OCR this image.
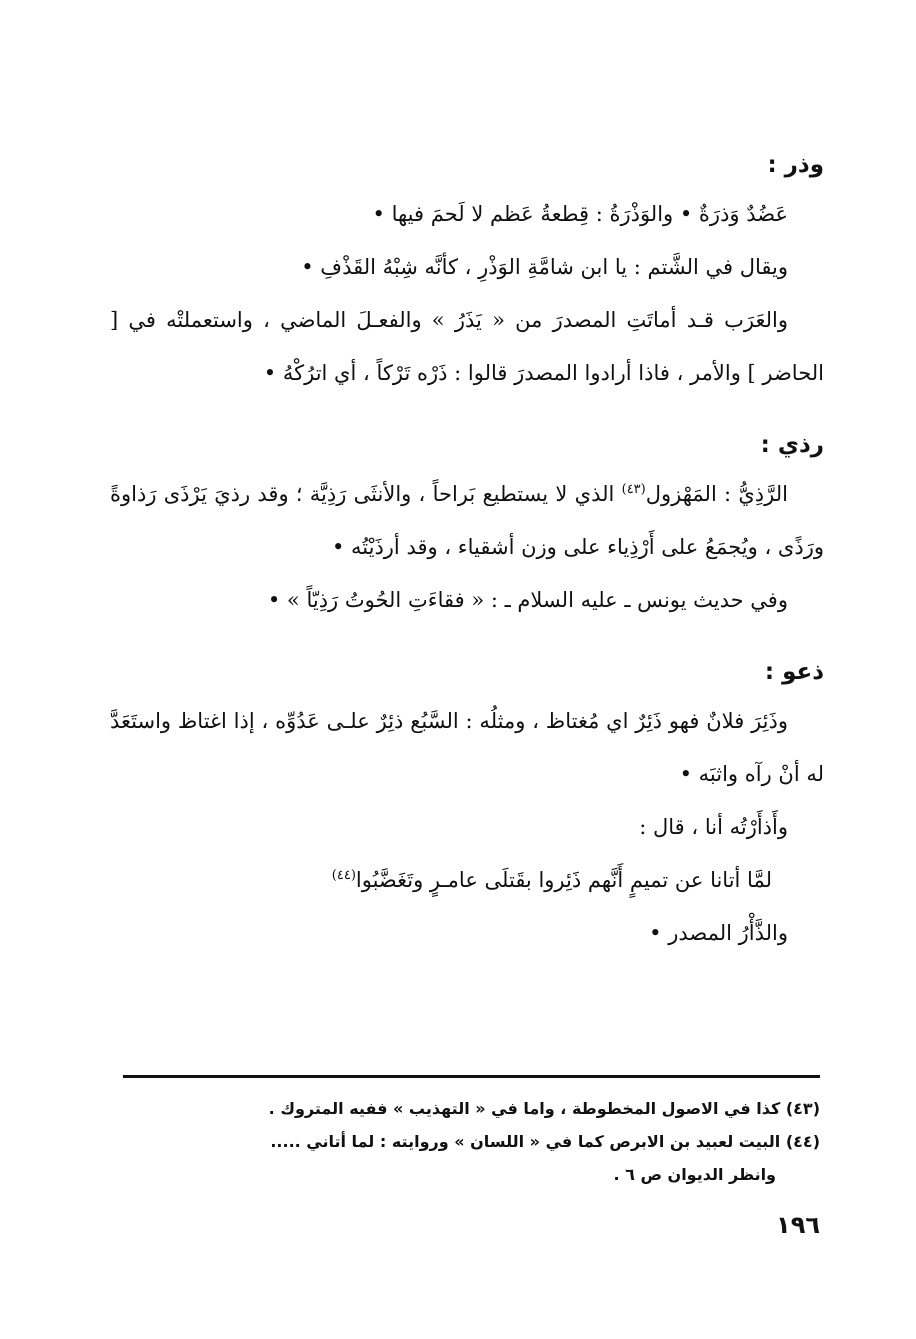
وذر :

عَضُدٌ وَذرَةٌ • والوَذْرَةُ : قِطعةُ عَظم لا لَحمَ فيها •

ويقال في الشَّتم : يا ابن شامَّةِ الوَذْرِ ، كأنَّه شِبْهُ القَذْفِ •

والعَرَب قـد أماتَتِ المصدرَ من « يَذَرُ » والفعـلَ الماضي ، واستعملتْه في [ الحاضر ] والأمر ، فاذا أرادوا المصدرَ قالوا : ذَرْه تَرْكاً ، أي اترُكْهُ •

رذي :

الرَّذِيُّ : المَهْزول$^{(٤٣)}$ الذي لا يستطيع بَراحاً ، والأنثَى رَذِيَّة ؛ وقد رذيَ يَرْذَى رَذاوةً ورَذًى ، ويُجمَعُ على أَرْذِياء على وزن أشقياء ، وقد أرذَيْتُه •

وفي حديث يونس ـ عليه السلام ـ : « فقاءَتِ الحُوتُ رَذِيّاً » •

ذعو :

وذَئِرَ فلانٌ فهو ذَئِرٌ اي مُغتاظ ، ومثلُه : السَّبُع ذئِرٌ علـى عَدُوِّه ، إذا اغتاظ واستَعَدَّ له أنْ رآه واثبَه •

وأَذأَرْتُه أنا ، قال :

لمَّا أتانا عن تميمٍ أَنَّهم ذَئِروا بقَتلَى عامـرٍ وتَغَضَّبُوا$^{(٤٤)}$

والذَّأْرُ المصدر •

(٤٣) كذا في الاصول المخطوطة ، واما في « التهذيب » ففيه المتروك .

(٤٤) البيت لعبيد بن الابرص كما في « اللسان » وروايته : لما أتاني .....

وانظر الديوان ص ٦ .

١٩٦
